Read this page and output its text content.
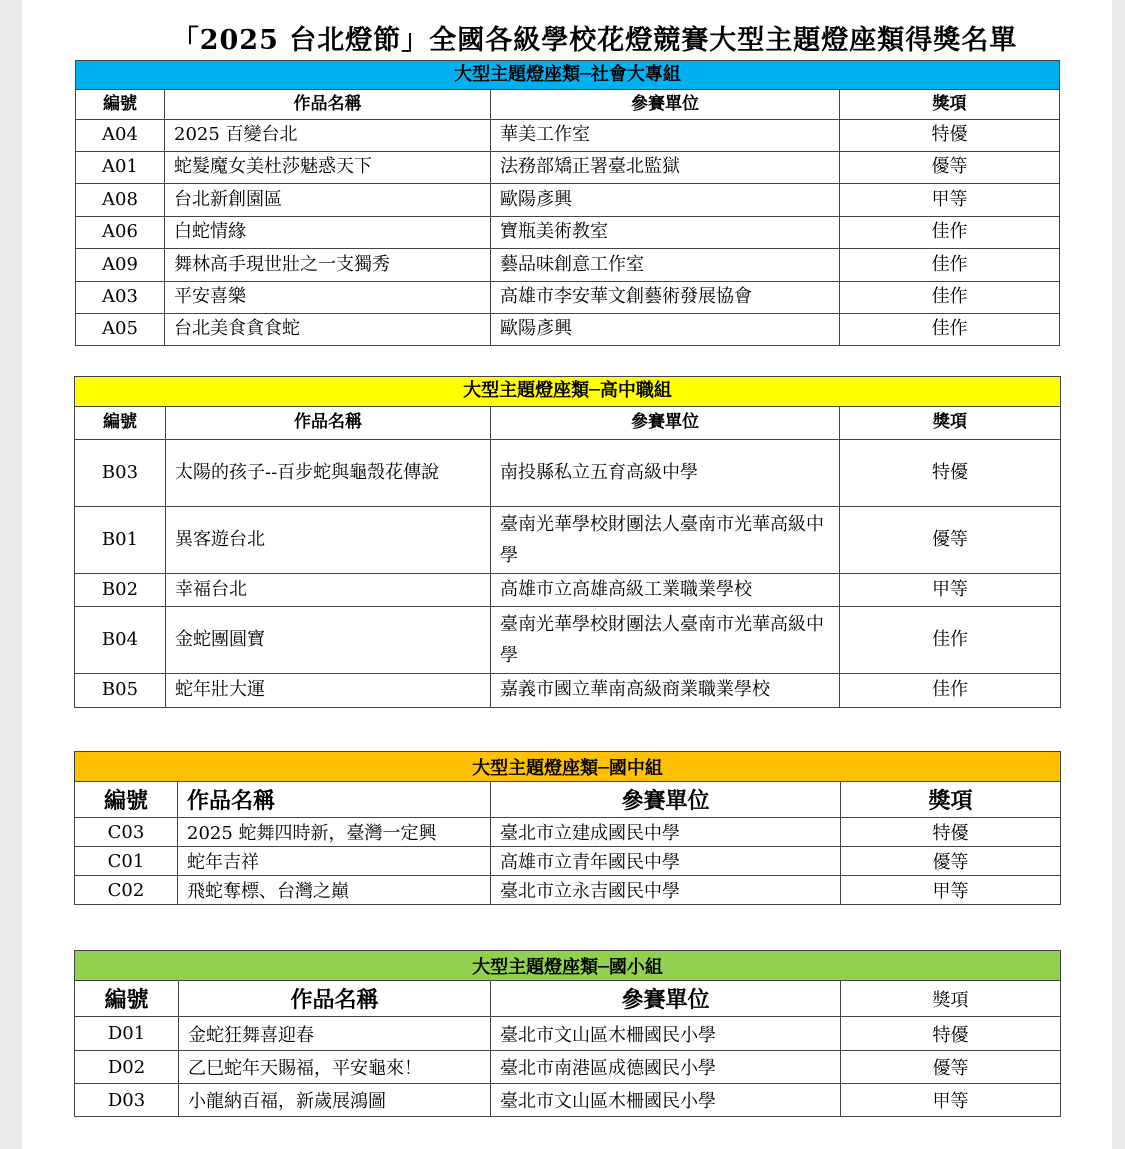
「2025 台北燈節」全國各級學校花燈競賽大型主題燈座類得獎名單
大型主題燈座類─社會大專組			
編號	作品名稱	參賽單位	獎項
A04	2025 百變台北	華美工作室	特優
A01	蛇髮魔女美杜莎魅惑天下	法務部矯正署臺北監獄	優等
A08	台北新創園區	歐陽彥興	甲等
A06	白蛇情緣	寶瓶美術教室	佳作
A09	舞林高手現世壯之一支獨秀	藝品味創意工作室	佳作
A03	平安喜樂	高雄市李安華文創藝術發展協會	佳作
A05	台北美食貪食蛇	歐陽彥興	佳作
大型主題燈座類─高中職組			
編號	作品名稱	參賽單位	獎項
B03	太陽的孩子--百步蛇與龜殼花傳說	南投縣私立五育高級中學	特優
B01	異客遊台北	臺南光華學校財團法人臺南市光華高級中學	優等
B02	幸福台北	高雄市立高雄高級工業職業學校	甲等
B04	金蛇團圓寶	臺南光華學校財團法人臺南市光華高級中學	佳作
B05	蛇年壯大運	嘉義市國立華南高級商業職業學校	佳作
大型主題燈座類─國中組			
編號	作品名稱	參賽單位	獎項
C03	2025 蛇舞四時新，臺灣一定興	臺北市立建成國民中學	特優
C01	蛇年吉祥	高雄市立青年國民中學	優等
C02	飛蛇奪標、台灣之巔	臺北市立永吉國民中學	甲等
大型主題燈座類─國小組			
編號	作品名稱	參賽單位	獎項
D01	金蛇狂舞喜迎春	臺北市文山區木柵國民小學	特優
D02	乙巳蛇年天賜福，平安龜來！	臺北市南港區成德國民小學	優等
D03	小龍納百福，新歲展鴻圖	臺北市文山區木柵國民小學	甲等
